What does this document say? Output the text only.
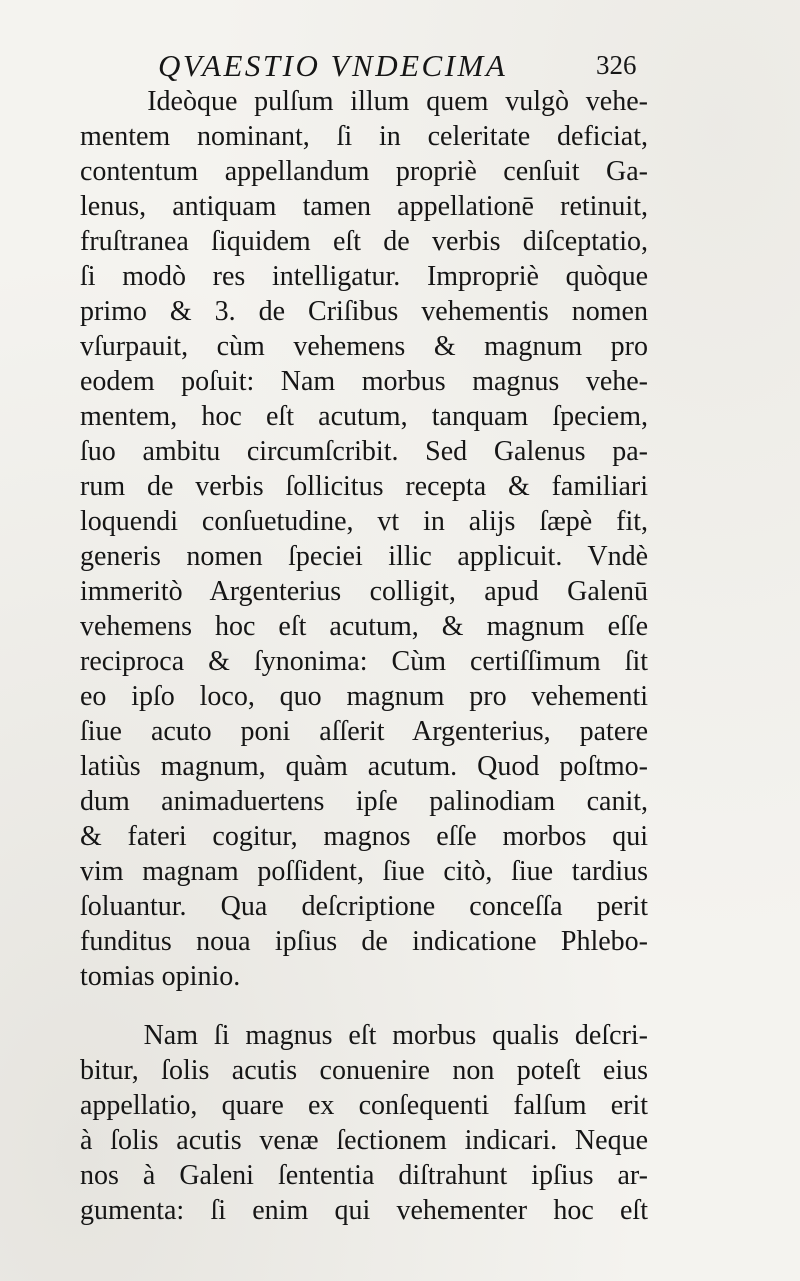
QVAESTIO VNDECIMA	326
Ideòque pulſum illum quem vulgò vehe-
mentem nominant, ſi in celeritate deficiat,
contentum appellandum propriè cenſuit Ga-
lenus, antiquam tamen appellationē retinuit,
fruſtranea ſiquidem eſt de verbis diſceptatio,
ſi modò res intelligatur. Impropriè quòque
primo & 3. de Criſibus vehementis nomen
vſurpauit, cùm vehemens & magnum pro
eodem poſuit: Nam morbus magnus vehe-
mentem, hoc eſt acutum, tanquam ſpeciem,
ſuo ambitu circumſcribit. Sed Galenus pa-
rum de verbis ſollicitus recepta & familiari
loquendi conſuetudine, vt in alijs ſæpè fit,
generis nomen ſpeciei illic applicuit. Vndè
immeritò Argenterius colligit, apud Galenū
vehemens hoc eſt acutum, & magnum eſſe
reciproca & ſynonima: Cùm certiſſimum ſit
eo ipſo loco, quo magnum pro vehementi
ſiue acuto poni aſſerit Argenterius, patere
latiùs magnum, quàm acutum. Quod poſtmo-
dum animaduertens ipſe palinodiam canit,
& fateri cogitur, magnos eſſe morbos qui
vim magnam poſſident, ſiue citò, ſiue tardius
ſoluantur. Qua deſcriptione conceſſa perit
funditus noua ipſius de indicatione Phlebo-
tomias opinio.
Nam ſi magnus eſt morbus qualis deſcri-
bitur, ſolis acutis conuenire non poteſt eius
appellatio, quare ex conſequenti falſum erit
à ſolis acutis venæ ſectionem indicari. Neque
nos à Galeni ſententia diſtrahunt ipſius ar-
gumenta: ſi enim qui vehementer hoc eſt
